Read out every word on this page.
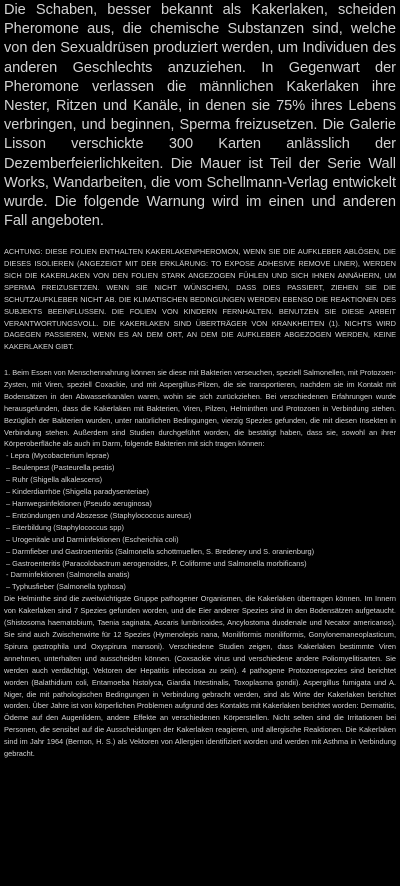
Die Schaben, besser bekannt als Kakerlaken, scheiden Pheromone aus, die chemische Substanzen sind, welche von den Sexualdrüsen produziert werden, um Individuen des anderen Geschlechts anzuziehen. In Gegenwart der Pheromone verlassen die männlichen Kakerlaken ihre Nester, Ritzen und Kanäle, in denen sie 75% ihres Lebens verbringen, und beginnen, Sperma freizusetzen. Die Galerie Lisson verschickte 300 Karten anlässlich der Dezemberfeierlichkeiten. Die Mauer ist Teil der Serie Wall Works, Wandarbeiten, die vom Schellmann-Verlag entwickelt wurde. Die folgende Warnung wird im einen und anderen Fall angeboten.

ACHTUNG: DIESE FOLIEN ENTHALTEN KAKERLAKENPHEROMON, WENN SIE DIE AUFKLEBER ABLÖSEN, DIE DIESES ISOLIEREN (ANGEZEIGT MIT DER ERKLÄRUNG: TO EXPOSE ADHESIVE REMOVE LINER), WERDEN SICH DIE KAKERLAKEN VON DEN FOLIEN STARK ANGEZOGEN FÜHLEN UND SICH IHNEN ANNÄHERN, UM SPERMA FREIZUSETZEN. WENN SIE NICHT WÜNSCHEN, DASS DIES PASSIERT, ZIEHEN SIE DIE SCHUTZAUFKLEBER NICHT AB. DIE KLIMATISCHEN BEDINGUNGEN WERDEN EBENSO DIE REAKTIONEN DES SUBJEKTS BEEINFLUSSEN. DIE FOLIEN VON KINDERN FERNHALTEN. BENUTZEN SIE DIESE ARBEIT VERANTWORTUNGSVOLL. DIE KAKERLAKEN SIND ÜBERTRÄGER VON KRANKHEITEN (1). NICHTS WIRD DAGEGEN PASSIEREN, WENN ES AN DEM ORT, AN DEM DIE AUFKLEBER ABGEZOGEN WERDEN, KEINE KAKERLAKEN GIBT.

1. Beim Essen von Menschennahrung können sie diese mit Bakterien verseuchen, speziell Salmonellen, mit Protozoen-Zysten, mit Viren, speziell Coxackie, und mit Aspergillus-Pilzen, die sie transportieren, nachdem sie im Kontakt mit Bodensätzen in den Abwasserkanälen waren, wohin sie sich zurückziehen. Bei verschiedenen Erfahrungen wurde herausgefunden, dass die Kakerlaken mit Bakterien, Viren, Pilzen, Helminthen und Protozoen in Verbindung stehen. Bezüglich der Bakterien wurden, unter natürlichen Bedingungen, vierzig Spezies gefunden, die mit diesen Insekten in Verbindung stehen. Außerdem sind Studien durchgeführt worden, die bestätigt haben, dass sie, sowohl an ihrer Körperoberfläche als auch im Darm, folgende Bakterien mit sich tragen können:

- Lepra (Mycobacterium leprae)
– Beulenpest (Pasteurella pestis)
– Ruhr (Shigella alkalescens)
– Kinderdiarrhöe (Shigella paradysenteriae)
– Harnwegsinfektionen (Pseudo aeruginosa)
– Entzündungen und Abszesse (Staphylococcus aureus)
– Eiterbildung (Staphylococcus spp)
– Urogenitale und Darminfektionen (Escherichia coli)
– Darmfieber und Gastroenteritis (Salmonella schottmuellen, S. Bredeney und S. oranienburg)
– Gastroenteritis (Paracolobactrum aerogenoides, P. Coliforme und Salmonella morbificans)
- Darminfektionen (Salmonella anatis)
– Typhusfieber (Salmonella typhosa)

Die Helminthe sind die zweitwichtigste Gruppe pathogener Organismen, die Kakerlaken übertragen können. Im Innern von Kakerlaken sind 7 Spezies gefunden worden, und die Eier anderer Spezies sind in den Bodensätzen aufgetaucht. (Shistosoma haematobium, Taenia saginata, Ascaris lumbricoides, Ancylostoma duodenale und Necator americanos). Sie sind auch Zwischenwirte für 12 Spezies (Hymenolepis nana, Moniliformis moniliformis, Gonylonemaneoplasticum, Spirura gastrophila und Oxyspirura mansoni). Verschiedene Studien zeigen, dass Kakerlaken bestimmte Viren annehmen, unterhalten und ausscheiden können. (Coxsackie virus und verschiedene andere Poliomyelitisarten. Sie werden auch verdächtigt, Vektoren der Hepatitis infecciosa zu sein). 4 pathogene Protozoenspezies sind berichtet worden (Balathidium coli, Entamoeba histolyca, Giardia Intestinalis, Toxoplasma gondii). Aspergillus fumigata und A. Niger, die mit pathologischen Bedingungen in Verbindung gebracht werden, sind als Wirte der Kakerlaken berichtet worden. Über Jahre ist von körperlichen Problemen aufgrund des Kontakts mit Kakerlaken berichtet worden: Dermatitis, Ödeme auf den Augenlidern, andere Effekte an verschiedenen Körperstellen. Nicht selten sind die Irritationen bei Personen, die sensibel auf die Ausscheidungen der Kakerlaken reagieren, und allergische Reaktionen. Die Kakerlaken sind im Jahr 1964 (Bernon, H. S.) als Vektoren von Allergien identifiziert worden und werden mit Asthma in Verbindung gebracht.
